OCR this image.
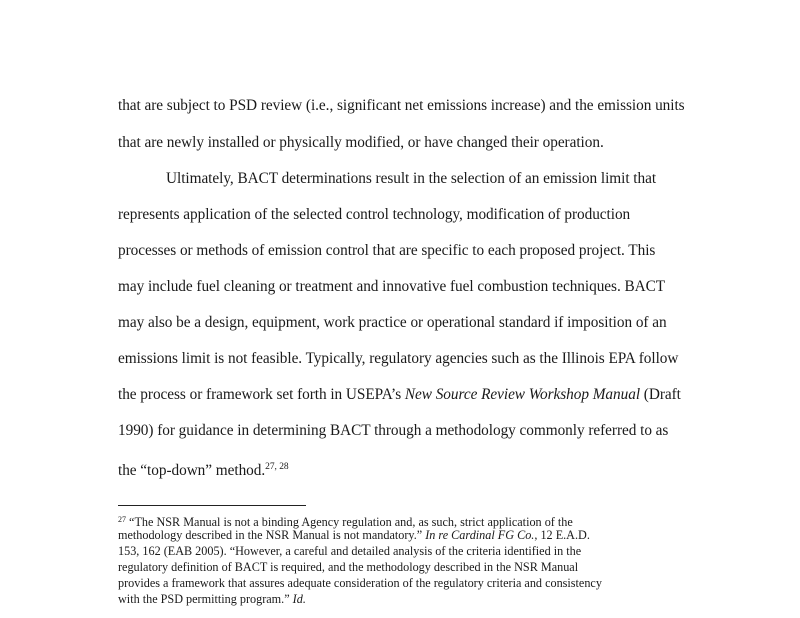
that are subject to PSD review (i.e., significant net emissions increase) and the emission units
that are newly installed or physically modified, or have changed their operation.
Ultimately, BACT determinations result in the selection of an emission limit that
represents application of the selected control technology, modification of production
processes or methods of emission control that are specific to each proposed project. This
may include fuel cleaning or treatment and innovative fuel combustion techniques. BACT
may also be a design, equipment, work practice or operational standard if imposition of an
emissions limit is not feasible. Typically, regulatory agencies such as the Illinois EPA follow
the process or framework set forth in USEPA’s New Source Review Workshop Manual (Draft
1990) for guidance in determining BACT through a methodology commonly referred to as
the “top-down” method.$^{27, 28}$
$^{27}$ “The NSR Manual is not a binding Agency regulation and, as such, strict application of the
methodology described in the NSR Manual is not mandatory.” In re Cardinal FG Co., 12 E.A.D.
153, 162 (EAB 2005). “However, a careful and detailed analysis of the criteria identified in the
regulatory definition of BACT is required, and the methodology described in the NSR Manual
provides a framework that assures adequate consideration of the regulatory criteria and consistency
with the PSD permitting program.” Id.
